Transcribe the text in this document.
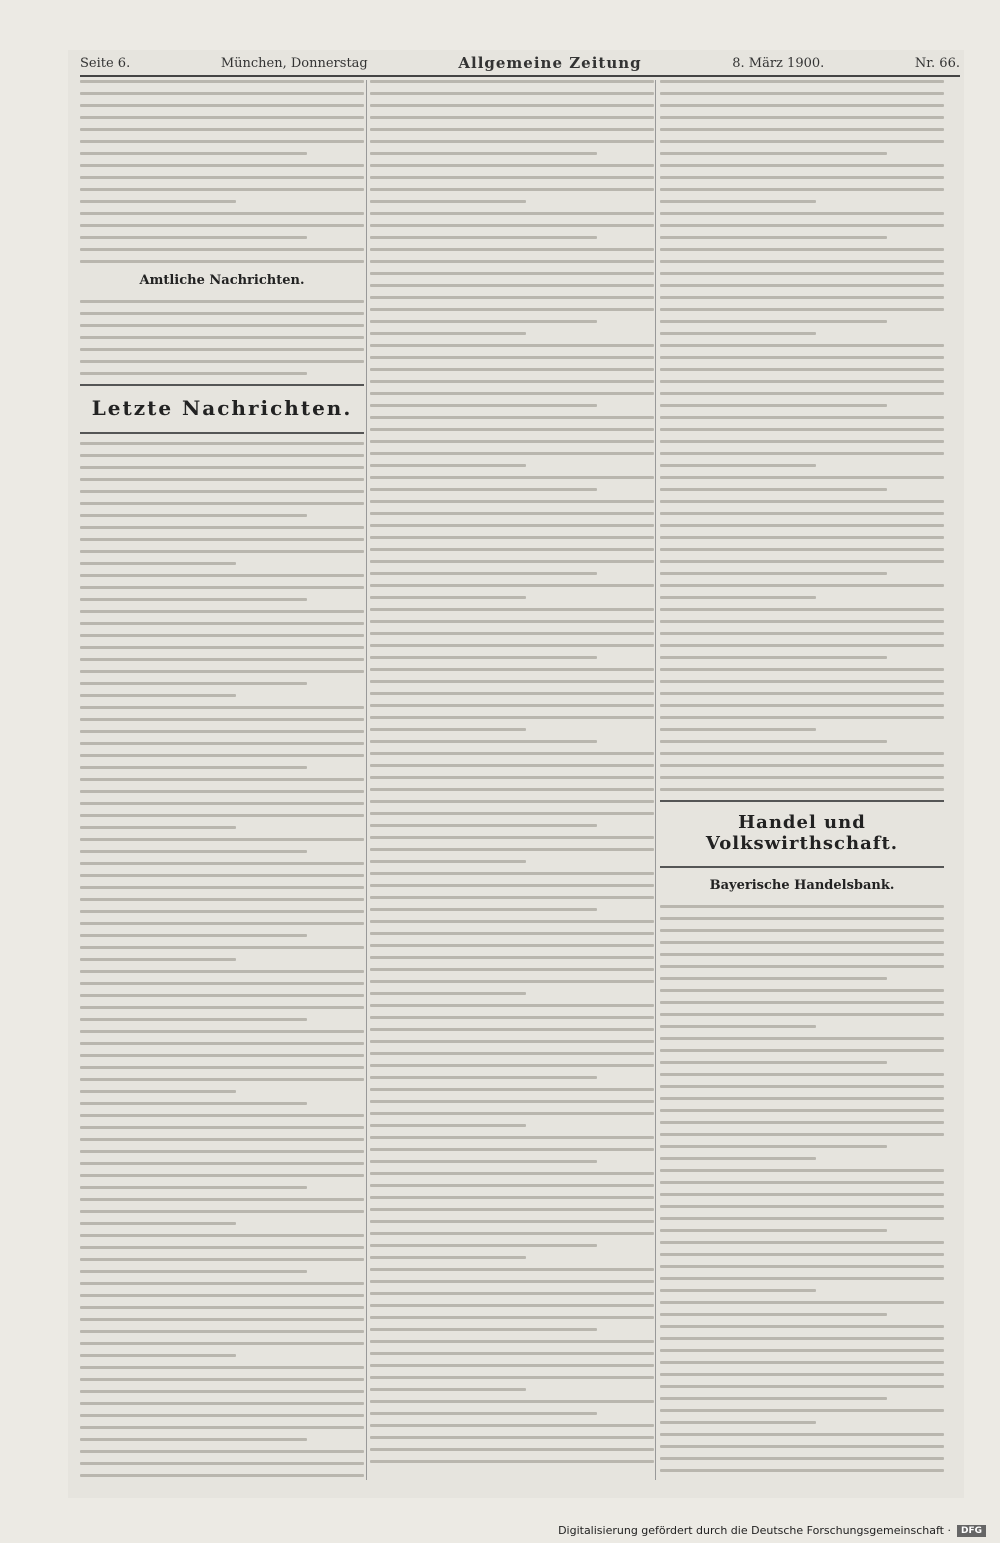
Seite 6.	München, Donnerstag	Allgemeine Zeitung	8. März 1900.	Nr. 66.
Amtliche Nachrichten.
Letzte Nachrichten.
Handel und Volkswirthschaft.
Bayerische Handelsbank.
Digitalisierung gefördert durch die Deutsche Forschungsgemeinschaft ·	DFG
